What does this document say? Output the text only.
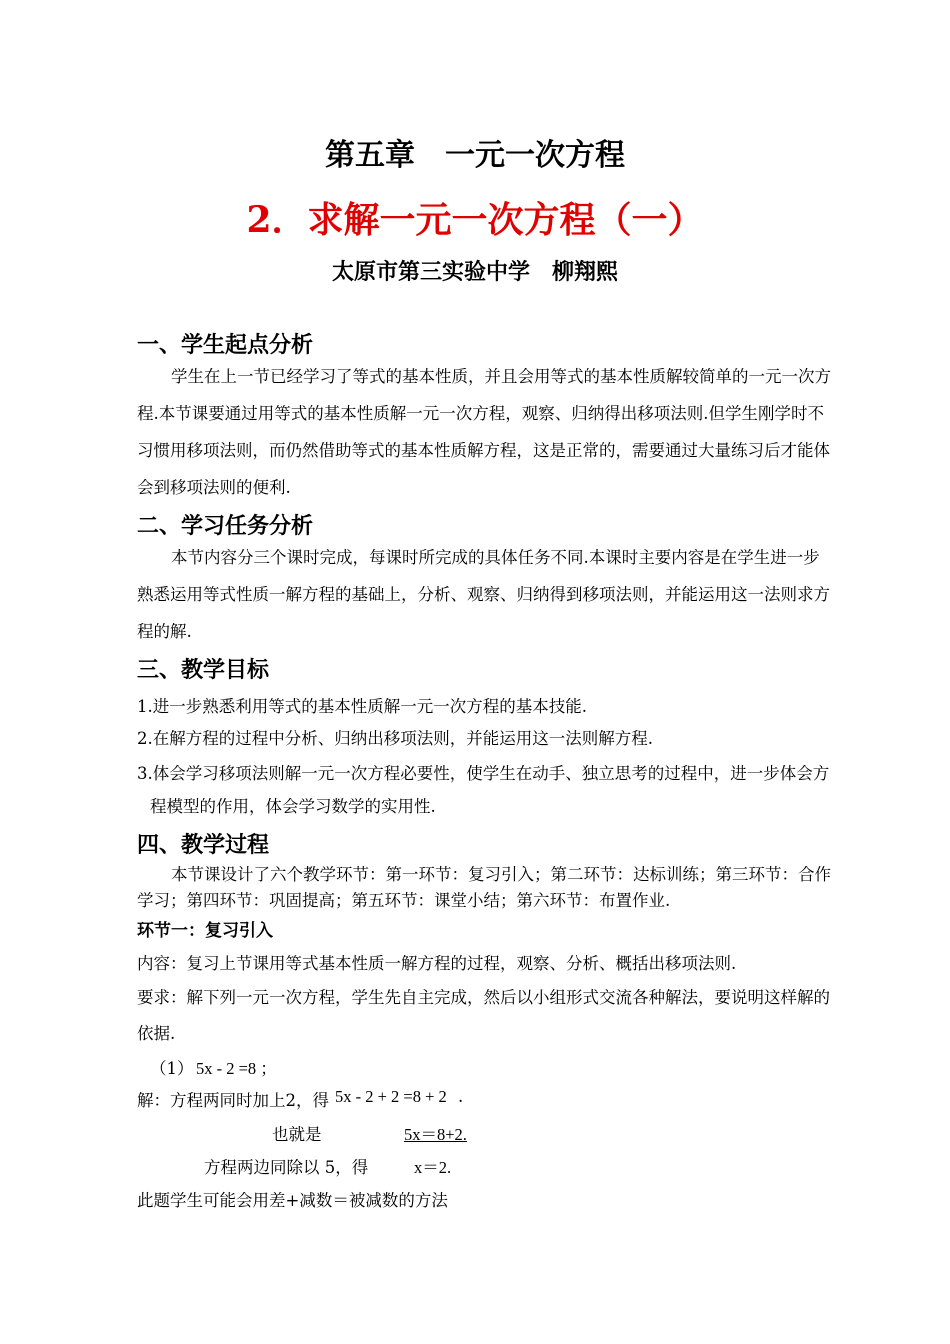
第五章　一元一次方程
2．求解一元一次方程（一）
太原市第三实验中学　柳翔熙
一、学生起点分析
学生在上一节已经学习了等式的基本性质，并且会用等式的基本性质解较简单的一元一次方程.本节课要通过用等式的基本性质解一元一次方程，观察、归纳得出移项法则.但学生刚学时不习惯用移项法则，而仍然借助等式的基本性质解方程，这是正常的，需要通过大量练习后才能体会到移项法则的便利.
二、学习任务分析
本节内容分三个课时完成，每课时所完成的具体任务不同.本课时主要内容是在学生进一步熟悉运用等式性质一解方程的基础上，分析、观察、归纳得到移项法则，并能运用这一法则求方程的解.
三、教学目标
1.进一步熟悉利用等式的基本性质解一元一次方程的基本技能.
2.在解方程的过程中分析、归纳出移项法则，并能运用这一法则解方程.
3.体会学习移项法则解一元一次方程必要性，使学生在动手、独立思考的过程中，进一步体会方
程模型的作用，体会学习数学的实用性.
四、教学过程
本节课设计了六个教学环节：第一环节：复习引入；第二环节：达标训练；第三环节：合作学习；第四环节：巩固提高；第五环节：课堂小结；第六环节：布置作业.
环节一：复习引入
内容：复习上节课用等式基本性质一解方程的过程，观察、分析、概括出移项法则.
要求：解下列一元一次方程，学生先自主完成，然后以小组形式交流各种解法，要说明这样解的
依据.
（1） 5x - 2 =8 ；
解：方程两同时加上2，得 5x - 2 + 2 =8 + 2 .
也就是	5x＝8+2.
方程两边同除以 5，得	x＝2.
此题学生可能会用差+减数＝被减数的方法
